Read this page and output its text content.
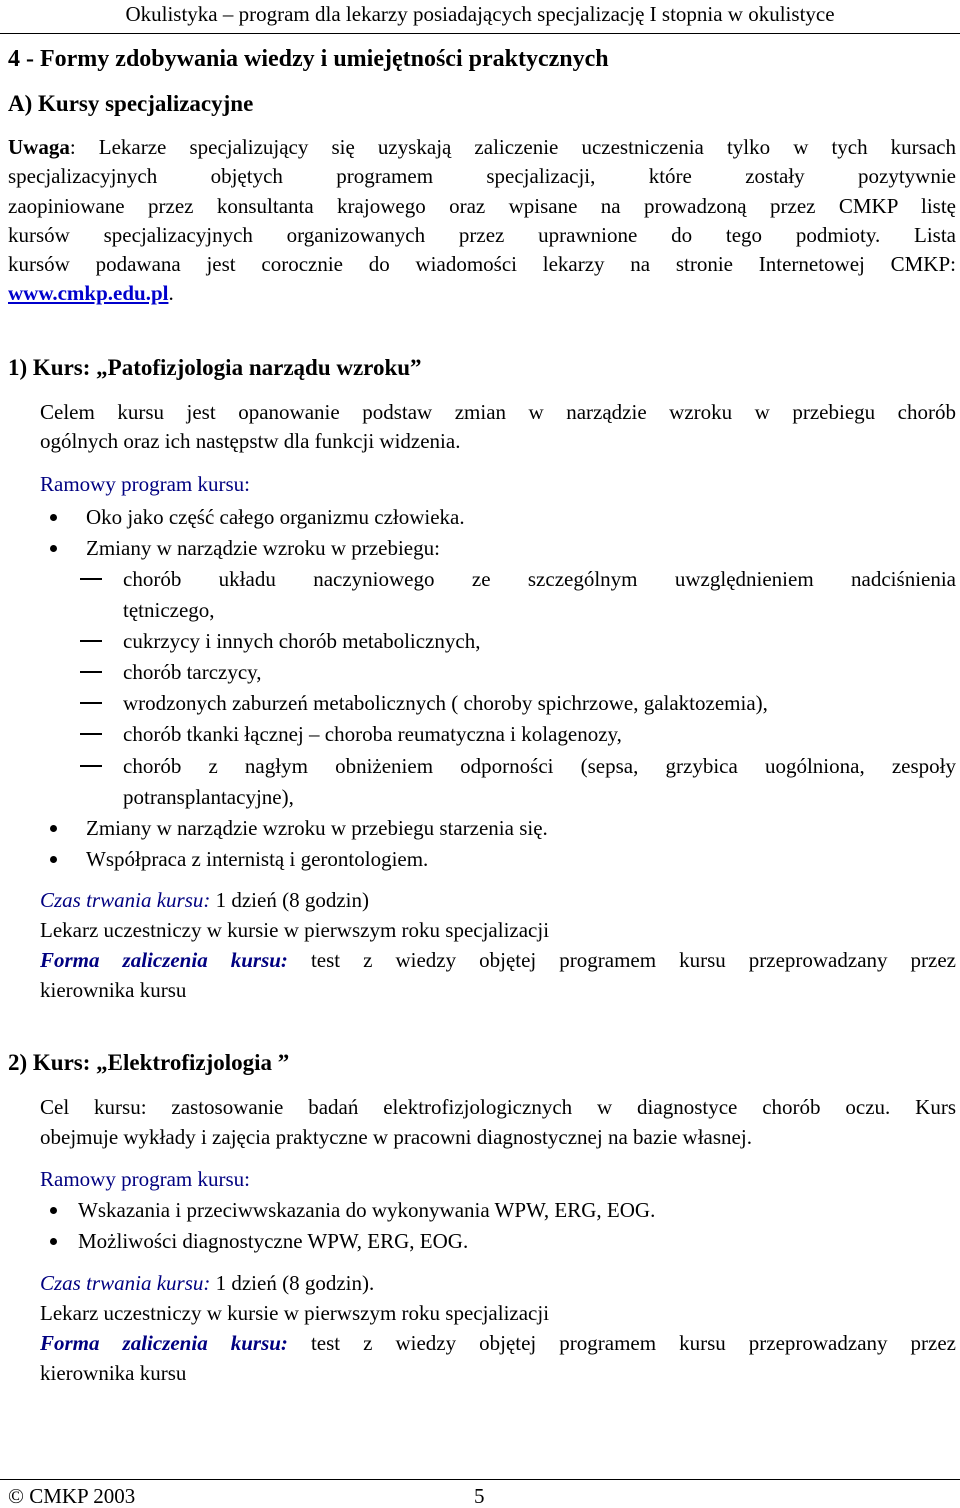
Okulistyka – program dla lekarzy posiadających specjalizację I stopnia w okulistyce
4 - Formy zdobywania wiedzy i umiejętności praktycznych
A) Kursy specjalizacyjne
Uwaga: Lekarze specjalizujący się uzyskają zaliczenie uczestniczenia tylko w tych kursach
specjalizacyjnych objętych programem specjalizacji, które zostały pozytywnie
zaopiniowane przez konsultanta krajowego oraz wpisane na prowadzoną przez CMKP listę
kursów specjalizacyjnych organizowanych przez uprawnione do tego podmioty. Lista
kursów podawana jest corocznie do wiadomości lekarzy na stronie Internetowej CMKP:
www.cmkp.edu.pl.
1) Kurs: „Patofizjologia narządu wzroku”
Celem kursu jest opanowanie podstaw zmian w narządzie wzroku w przebiegu chorób
ogólnych oraz ich następstw dla funkcji widzenia.
Ramowy program kursu:
Oko jako część całego organizmu człowieka.
Zmiany w narządzie wzroku w przebiegu:
chorób układu naczyniowego ze szczególnym uwzględnieniem nadciśnienia
tętniczego,
cukrzycy i innych chorób metabolicznych,
chorób tarczycy,
wrodzonych zaburzeń metabolicznych ( choroby spichrzowe, galaktozemia),
chorób tkanki łącznej – choroba reumatyczna i kolagenozy,
chorób z nagłym obniżeniem odporności (sepsa, grzybica uogólniona, zespoły
potransplantacyjne),
Zmiany w narządzie wzroku w przebiegu starzenia się.
Współpraca z internistą i gerontologiem.
Czas trwania kursu: 1 dzień (8 godzin)
Lekarz uczestniczy w kursie w pierwszym roku specjalizacji
Forma zaliczenia kursu: test z wiedzy objętej programem kursu przeprowadzany przez
kierownika kursu
2) Kurs: „Elektrofizjologia ”
Cel kursu: zastosowanie badań elektrofizjologicznych w diagnostyce chorób oczu. Kurs
obejmuje wykłady i zajęcia praktyczne w pracowni diagnostycznej na bazie własnej.
Ramowy program kursu:
Wskazania i przeciwwskazania do wykonywania WPW, ERG, EOG.
Możliwości diagnostyczne WPW, ERG, EOG.
Czas trwania kursu: 1 dzień (8 godzin).
Lekarz uczestniczy w kursie w pierwszym roku specjalizacji
Forma zaliczenia kursu: test z wiedzy objętej programem kursu przeprowadzany przez
kierownika kursu
© CMKP 2003	5
